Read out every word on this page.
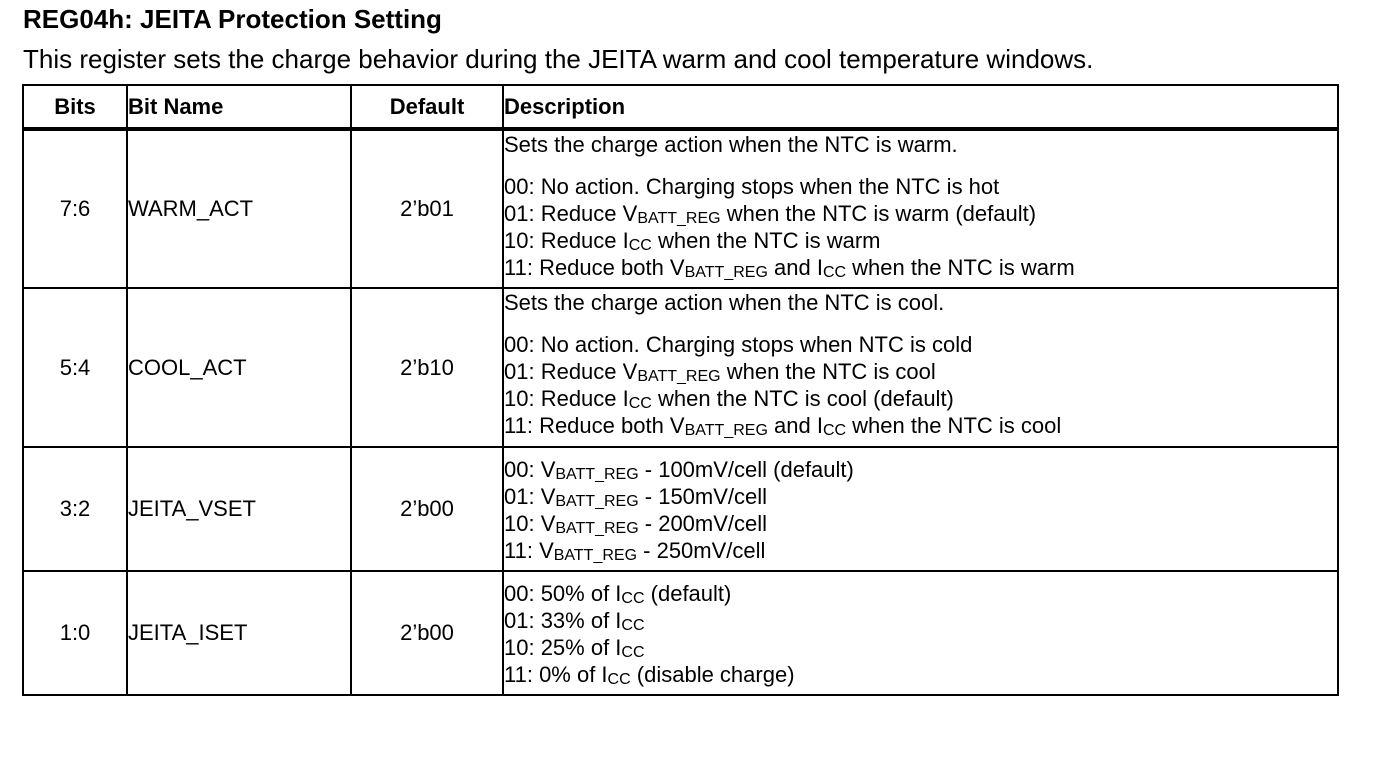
REG04h: JEITA Protection Setting
This register sets the charge behavior during the JEITA warm and cool temperature windows.
Bits	Bit Name	Default	Description
7:6	WARM_ACT	2’b01	Sets the charge action when the NTC is warm.
00: No action. Charging stops when the NTC is hot
01: Reduce $V_{BATT\_REG}$ when the NTC is warm (default)
10: Reduce $I_{CC}$ when the NTC is warm
11: Reduce both $V_{BATT\_REG}$ and $I_{CC}$ when the NTC is warm

5:4	COOL_ACT	2’b10	Sets the charge action when the NTC is cool.
00: No action. Charging stops when NTC is cold
01: Reduce $V_{BATT\_REG}$ when the NTC is cool
10: Reduce $I_{CC}$ when the NTC is cool (default)
11: Reduce both $V_{BATT\_REG}$ and $I_{CC}$ when the NTC is cool

3:2	JEITA_VSET	2’b00	00: $V_{BATT\_REG}$ - 100mV/cell (default)
01: $V_{BATT\_REG}$ - 150mV/cell
10: $V_{BATT\_REG}$ - 200mV/cell
11: $V_{BATT\_REG}$ - 250mV/cell

1:0	JEITA_ISET	2’b00	00: 50% of $I_{CC}$ (default)
01: 33% of $I_{CC}$
10: 25% of $I_{CC}$
11: 0% of $I_{CC}$ (disable charge)
